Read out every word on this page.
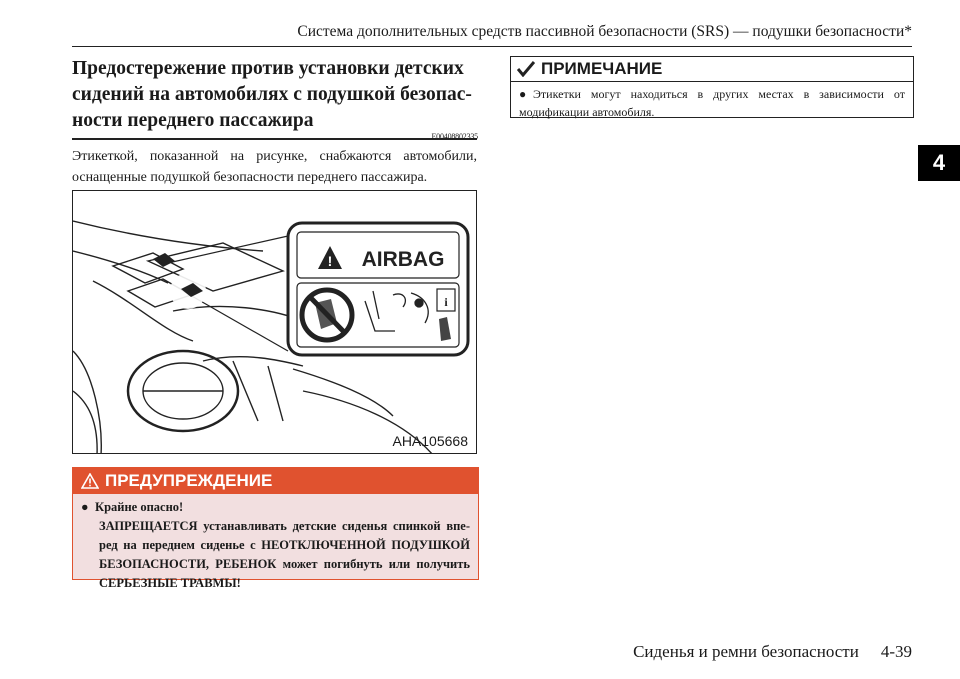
Система дополнительных средств пассивной безопасности (SRS) — подушки безопасности*
4
Предостережение против установки детских сидений на автомобилях с подушкой безопасности переднего пассажира
E00408802335
Этикеткой, показанной на рисунке, снабжаются автомобили, оснащенные подушкой безопасности переднего пассажира.
! AIRBAG
i
AHA105668
ПРЕДУПРЕЖДЕНИЕ
● Крайне опасно!
ЗАПРЕЩАЕТСЯ устанавливать детские сиденья спинкой вперед на переднем сиденье с НЕОТКЛЮЧЕННОЙ ПОДУШКОЙ БЕЗОПАСНОСТИ, РЕБЕНОК может погибнуть или получить СЕРЬЕЗНЫЕ ТРАВМЫ!
ПРИМЕЧАНИЕ
● Этикетки могут находиться в других местах в зависимости от модификации автомобиля.
Сиденья и ремни безопасности 4-39
